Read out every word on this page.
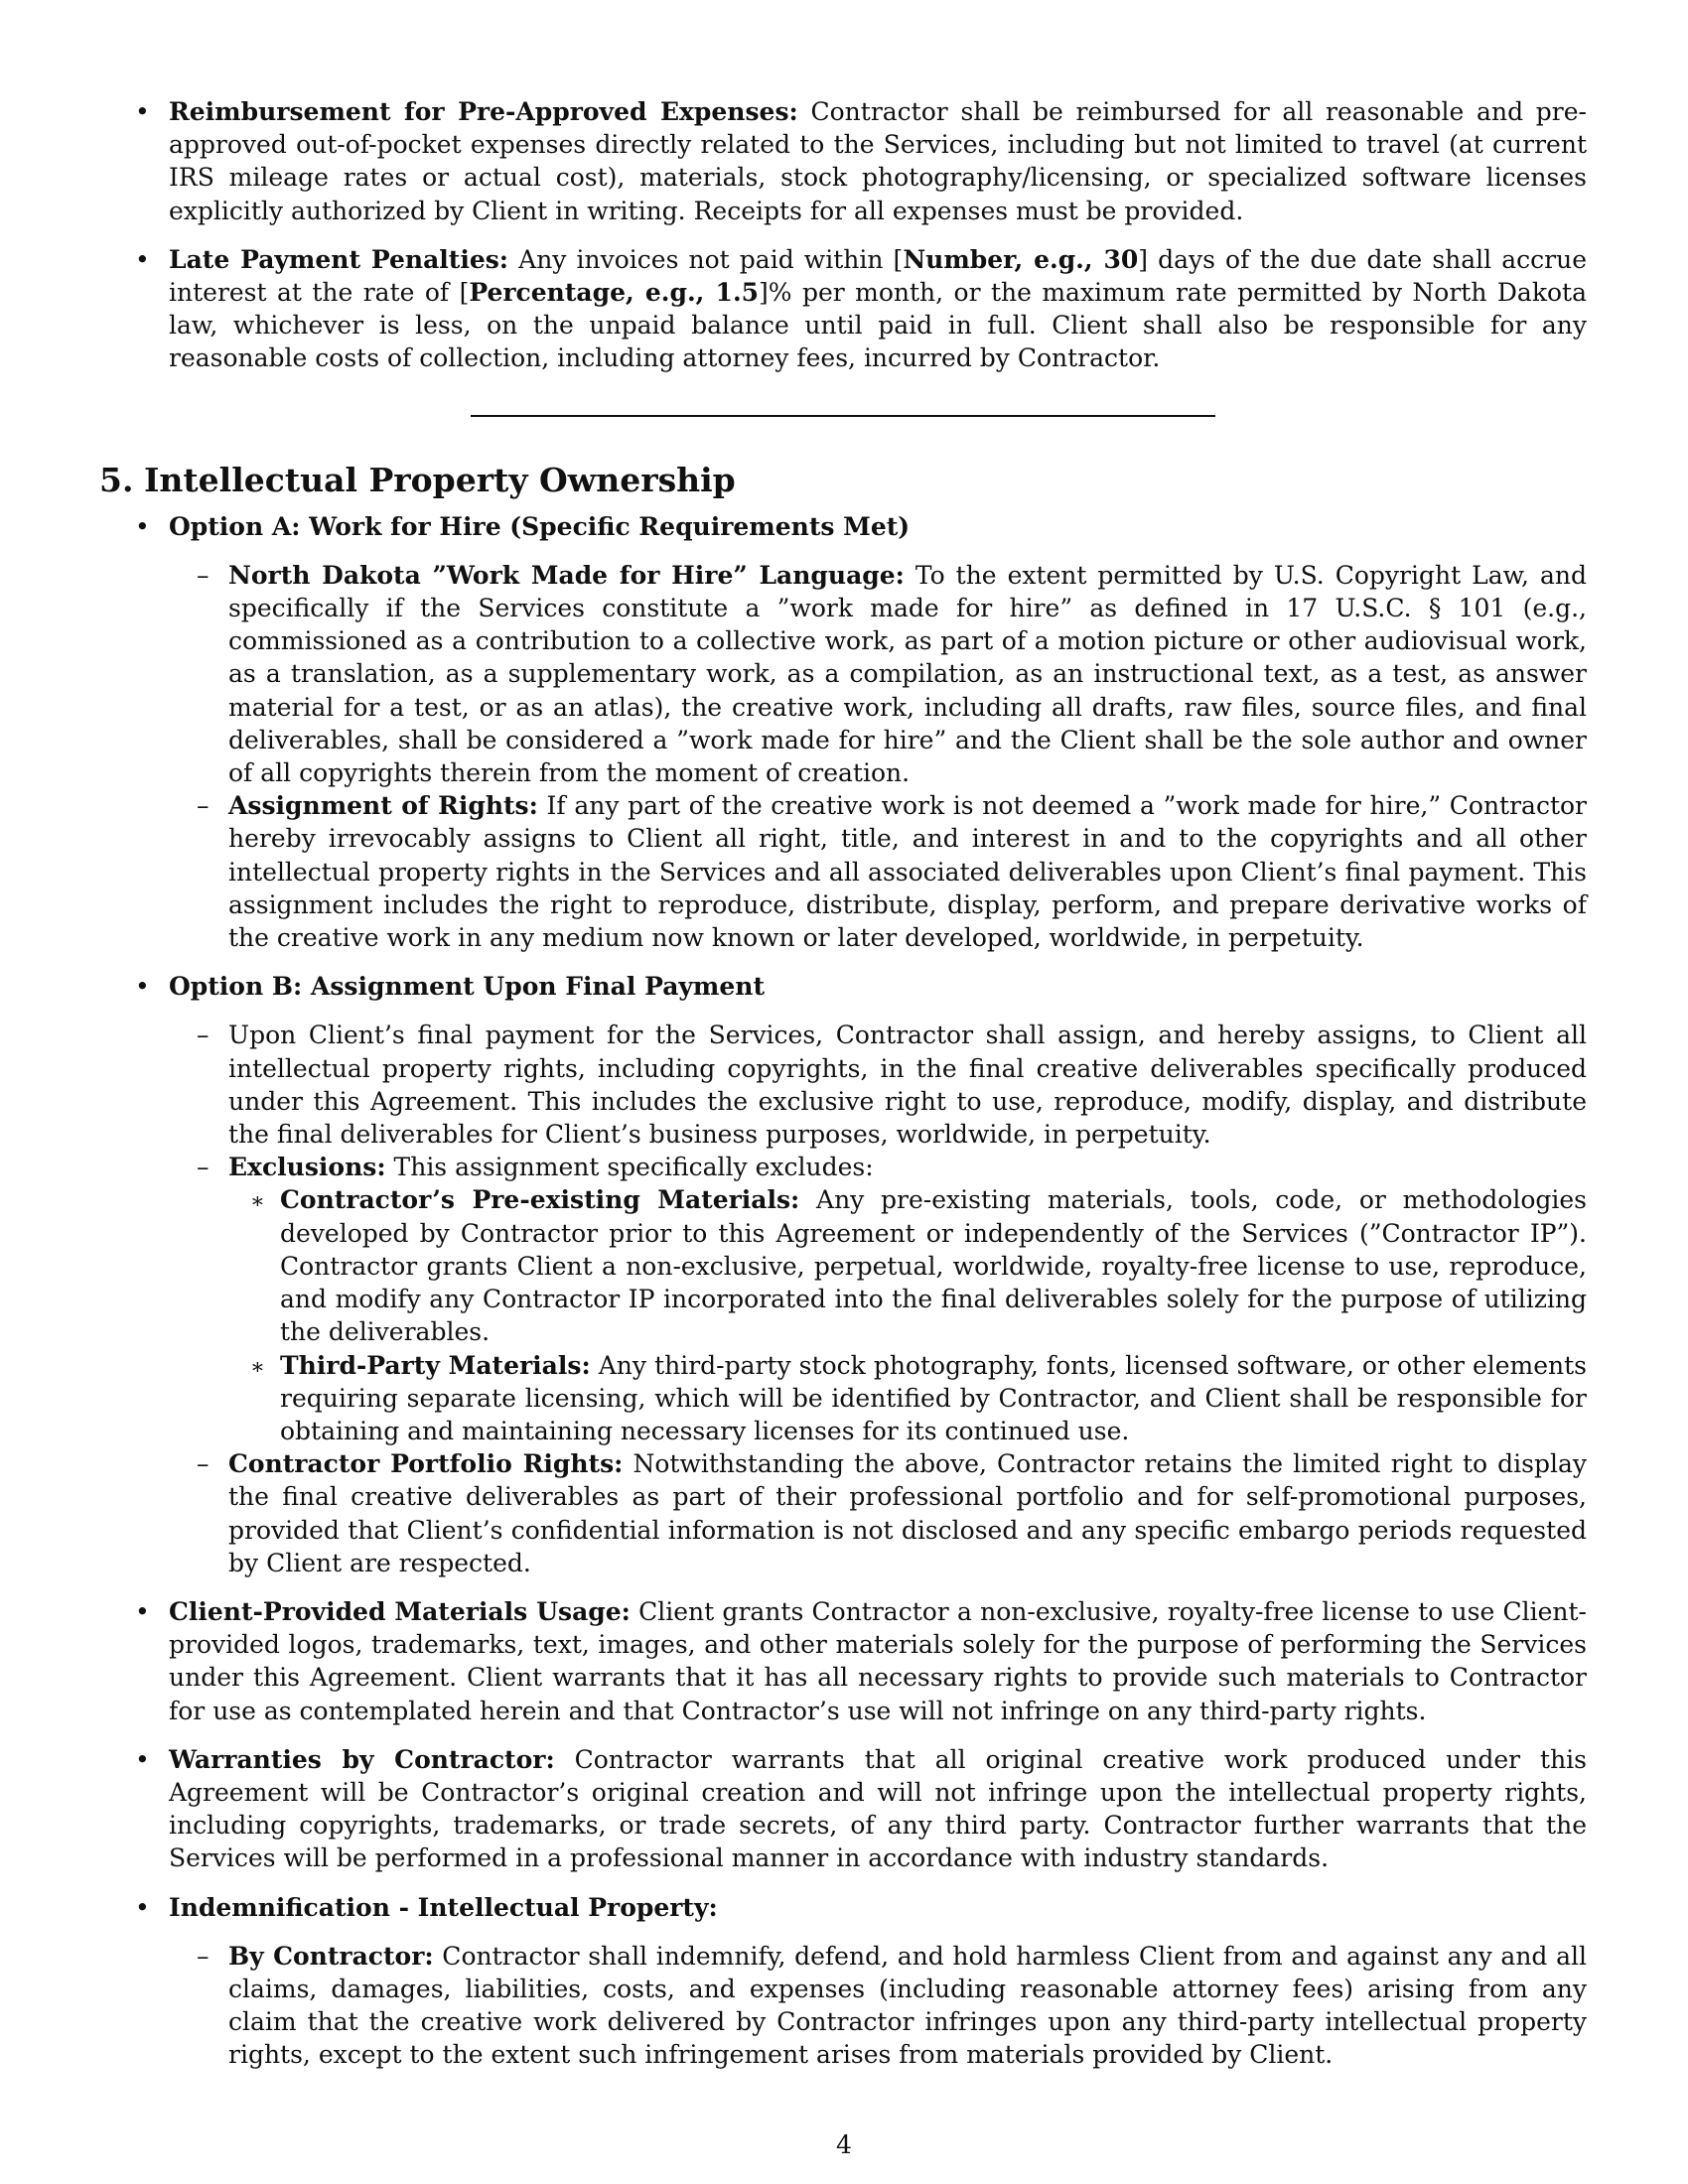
• Reimbursement for Pre-Approved Expenses: Contractor shall be reimbursed for all reasonable and pre-approved out-of-pocket expenses directly related to the Services, including but not limited to travel (at current IRS mileage rates or actual cost), materials, stock photography/licensing, or specialized software licenses explicitly authorized by Client in writing. Receipts for all expenses must be provided.

• Late Payment Penalties: Any invoices not paid within [Number, e.g., 30] days of the due date shall accrue interest at the rate of [Percentage, e.g., 1.5]% per month, or the maximum rate permitted by North Dakota law, whichever is less, on the unpaid balance until paid in full. Client shall also be responsible for any reasonable costs of collection, including attorney fees, incurred by Contractor.

5. Intellectual Property Ownership
• Option A: Work for Hire (Specific Requirements Met)

– North Dakota ”Work Made for Hire” Language: To the extent permitted by U.S. Copyright Law, and specifically if the Services constitute a ”work made for hire” as defined in 17 U.S.C. § 101 (e.g., commissioned as a contribution to a collective work, as part of a motion picture or other audiovisual work, as a translation, as a supplementary work, as a compilation, as an instructional text, as a test, as answer material for a test, or as an atlas), the creative work, including all drafts, raw files, source files, and final deliverables, shall be considered a ”work made for hire” and the Client shall be the sole author and owner of all copyrights therein from the moment of creation.

– Assignment of Rights: If any part of the creative work is not deemed a ”work made for hire,” Contractor hereby irrevocably assigns to Client all right, title, and interest in and to the copyrights and all other intellectual property rights in the Services and all associated deliverables upon Client’s final payment. This assignment includes the right to reproduce, distribute, display, perform, and prepare derivative works of the creative work in any medium now known or later developed, worldwide, in perpetuity.

• Option B: Assignment Upon Final Payment

– Upon Client’s final payment for the Services, Contractor shall assign, and hereby assigns, to Client all intellectual property rights, including copyrights, in the final creative deliverables specifically produced under this Agreement. This includes the exclusive right to use, reproduce, modify, display, and distribute the final deliverables for Client’s business purposes, worldwide, in perpetuity.

– Exclusions: This assignment specifically excludes:

∗ Contractor’s Pre-existing Materials: Any pre-existing materials, tools, code, or methodologies developed by Contractor prior to this Agreement or independently of the Services (”Contractor IP”). Contractor grants Client a non-exclusive, perpetual, worldwide, royalty-free license to use, reproduce, and modify any Contractor IP incorporated into the final deliverables solely for the purpose of utilizing the deliverables.

∗ Third-Party Materials: Any third-party stock photography, fonts, licensed software, or other elements requiring separate licensing, which will be identified by Contractor, and Client shall be responsible for obtaining and maintaining necessary licenses for its continued use.

– Contractor Portfolio Rights: Notwithstanding the above, Contractor retains the limited right to display the final creative deliverables as part of their professional portfolio and for self-promotional purposes, provided that Client’s confidential information is not disclosed and any specific embargo periods requested by Client are respected.

• Client-Provided Materials Usage: Client grants Contractor a non-exclusive, royalty-free license to use Client-provided logos, trademarks, text, images, and other materials solely for the purpose of performing the Services under this Agreement. Client warrants that it has all necessary rights to provide such materials to Contractor for use as contemplated herein and that Contractor’s use will not infringe on any third-party rights.

• Warranties by Contractor: Contractor warrants that all original creative work produced under this Agreement will be Contractor’s original creation and will not infringe upon the intellectual property rights, including copyrights, trademarks, or trade secrets, of any third party. Contractor further warrants that the Services will be performed in a professional manner in accordance with industry standards.

• Indemnification - Intellectual Property:

– By Contractor: Contractor shall indemnify, defend, and hold harmless Client from and against any and all claims, damages, liabilities, costs, and expenses (including reasonable attorney fees) arising from any claim that the creative work delivered by Contractor infringes upon any third-party intellectual property rights, except to the extent such infringement arises from materials provided by Client.

4
